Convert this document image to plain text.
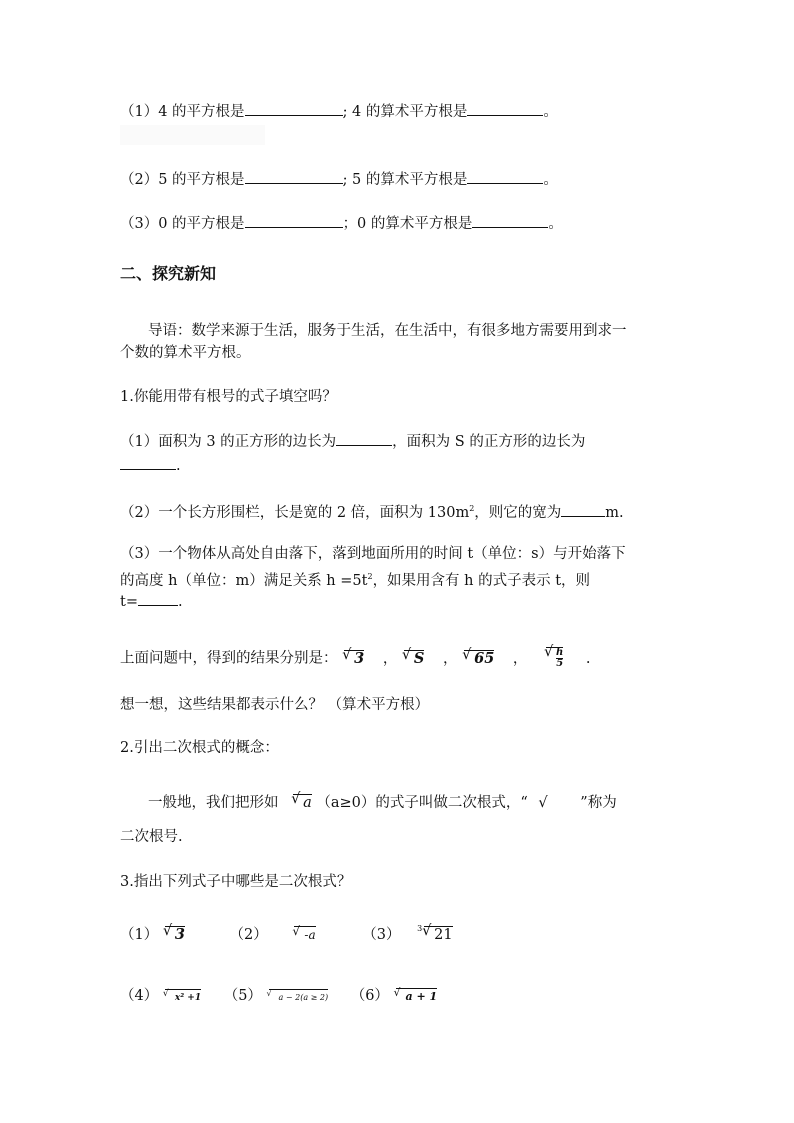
（1）4 的平方根是	; 4 的算术平方根是	。
（2）5 的平方根是	; 5 的算术平方根是	。
（3）0 的平方根是	；0 的算术平方根是	。
二、探究新知
导语：数学来源于生活，服务于生活，在生活中，有很多地方需要用到求一
个数的算术平方根。
1.你能用带有根号的式子填空吗？
（1）面积为 3 的正方形的边长为	，面积为 S 的正方形的边长为
.
（2）一个长方形围栏，长是宽的 2 倍，面积为 $130m^2$，则它的宽为	m.
（3）一个物体从高处自由落下，落到地面所用的时间 t（单位：s）与开始落下
的高度 h（单位：m）满足关系 $h =5t^2$，如果用含有 h 的式子表示 t，则
t=	.
上面问题中，得到的结果分别是： √ 3 ， √ S ， √ 65 ，	√ $\frac{h}{5}$ .
想一想，这些结果都表示什么？ （算术平方根）
2.引出二次根式的概念：
一般地，我们把形如 √ a （a≥0）的式子叫做二次根式，“ √ ”称为
二次根号.
3.指出下列式子中哪些是二次根式？
（1） √ 3	（2）	√ -a	（3） $^3$ √ 21
（4） √ x² +1 （5） √ a − 2(a ≥ 2) （6） √ a + 1
